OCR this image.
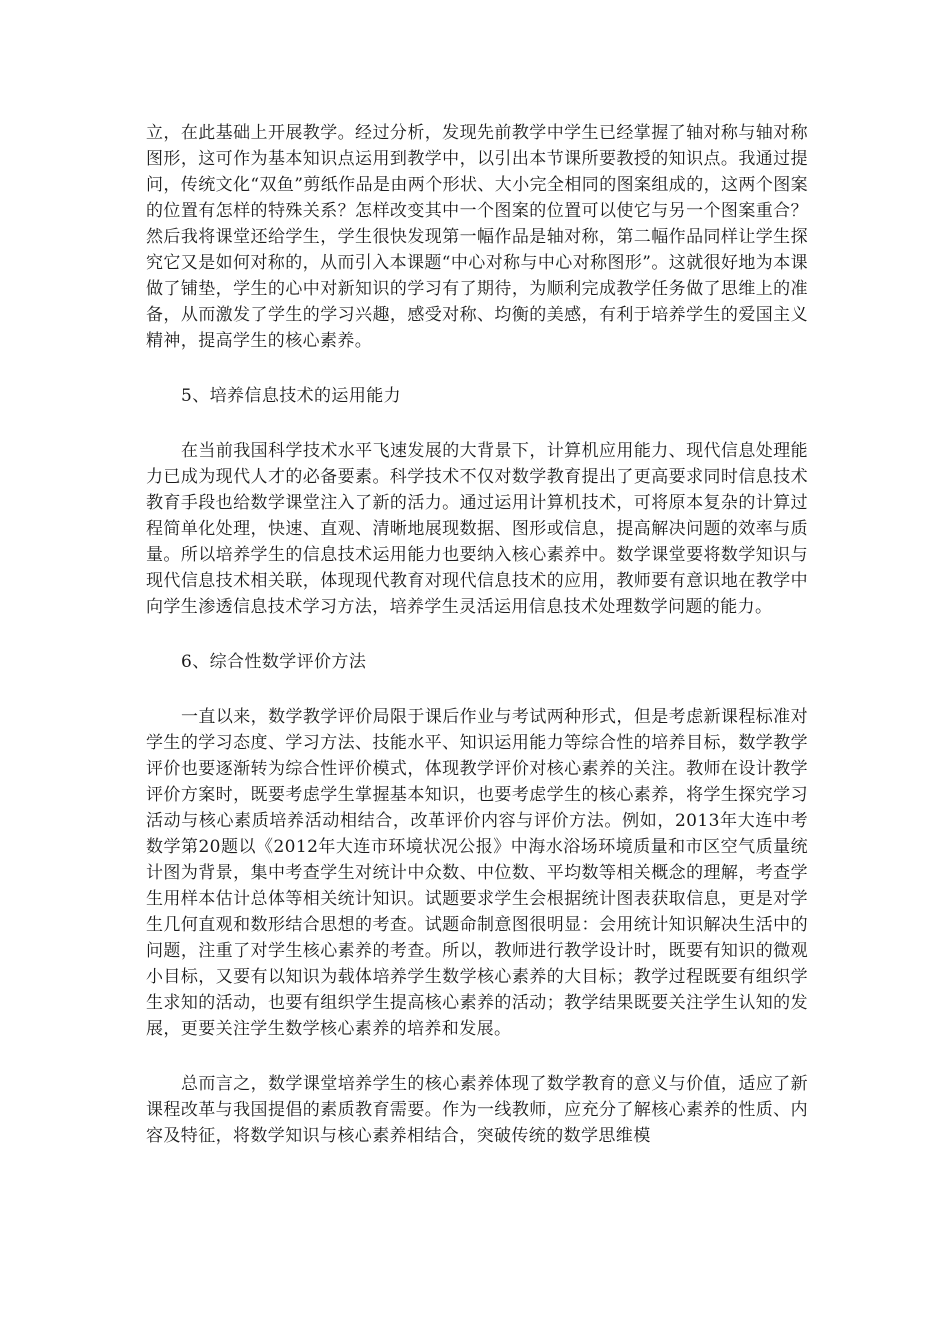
立，在此基础上开展教学。经过分析，发现先前教学中学生已经掌握了轴对称与轴对称图形，这可作为基本知识点运用到教学中，以引出本节课所要教授的知识点。我通过提问，传统文化“双鱼”剪纸作品是由两个形状、大小完全相同的图案组成的，这两个图案的位置有怎样的特殊关系？怎样改变其中一个图案的位置可以使它与另一个图案重合？然后我将课堂还给学生，学生很快发现第一幅作品是轴对称，第二幅作品同样让学生探究它又是如何对称的，从而引入本课题“中心对称与中心对称图形”。这就很好地为本课做了铺垫，学生的心中对新知识的学习有了期待，为顺利完成教学任务做了思维上的准备，从而激发了学生的学习兴趣，感受对称、均衡的美感，有利于培养学生的爱国主义精神，提高学生的核心素养。

5、培养信息技术的运用能力

在当前我国科学技术水平飞速发展的大背景下，计算机应用能力、现代信息处理能力已成为现代人才的必备要素。科学技术不仅对数学教育提出了更高要求同时信息技术教育手段也给数学课堂注入了新的活力。通过运用计算机技术，可将原本复杂的计算过程简单化处理，快速、直观、清晰地展现数据、图形或信息，提高解决问题的效率与质量。所以培养学生的信息技术运用能力也要纳入核心素养中。数学课堂要将数学知识与现代信息技术相关联，体现现代教育对现代信息技术的应用，教师要有意识地在教学中向学生渗透信息技术学习方法，培养学生灵活运用信息技术处理数学问题的能力。

6、综合性数学评价方法

一直以来，数学教学评价局限于课后作业与考试两种形式，但是考虑新课程标准对学生的学习态度、学习方法、技能水平、知识运用能力等综合性的培养目标，数学教学评价也要逐渐转为综合性评价模式，体现教学评价对核心素养的关注。教师在设计教学评价方案时，既要考虑学生掌握基本知识，也要考虑学生的核心素养，将学生探究学习活动与核心素质培养活动相结合，改革评价内容与评价方法。例如，2013年大连中考数学第20题以《2012年大连市环境状况公报》中海水浴场环境质量和市区空气质量统计图为背景，集中考查学生对统计中众数、中位数、平均数等相关概念的理解，考查学生用样本估计总体等相关统计知识。试题要求学生会根据统计图表获取信息，更是对学生几何直观和数形结合思想的考查。试题命制意图很明显：会用统计知识解决生活中的问题，注重了对学生核心素养的考查。所以，教师进行教学设计时，既要有知识的微观小目标，又要有以知识为载体培养学生数学核心素养的大目标；教学过程既要有组织学生求知的活动，也要有组织学生提高核心素养的活动；教学结果既要关注学生认知的发展，更要关注学生数学核心素养的培养和发展。

总而言之，数学课堂培养学生的核心素养体现了数学教育的意义与价值，适应了新课程改革与我国提倡的素质教育需要。作为一线教师，应充分了解核心素养的性质、内容及特征，将数学知识与核心素养相结合，突破传统的数学思维模
